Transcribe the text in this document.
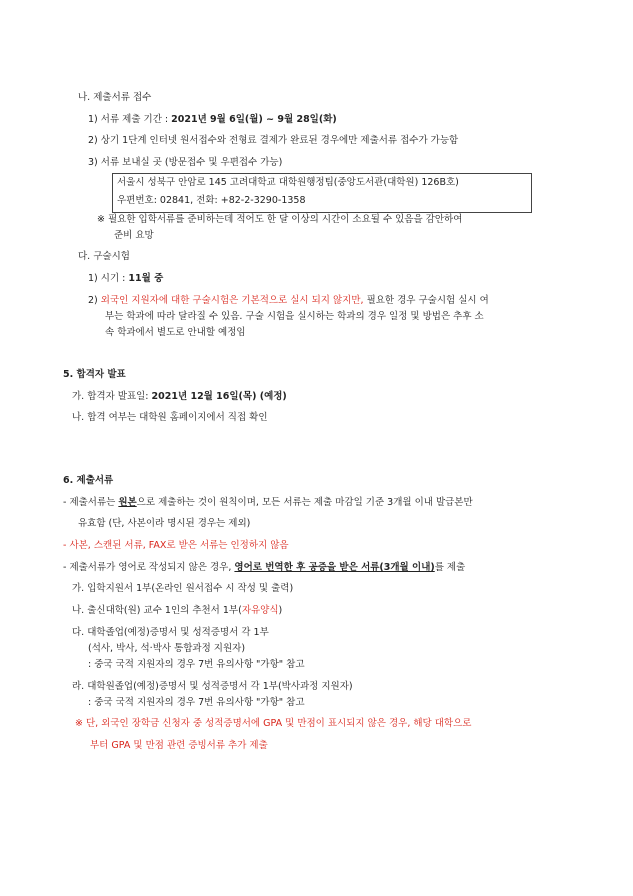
나. 제출서류 접수
1) 서류 제출 기간 : 2021년 9월 6일(월) ~ 9월 28일(화)
2) 상기 1단계 인터넷 원서접수와 전형료 결제가 완료된 경우에만 제출서류 접수가 가능함
3) 서류 보내실 곳 (방문접수 및 우편접수 가능)
서울시 성북구 안암로 145 고려대학교 대학원행정팀(중앙도서관(대학원) 126B호)
우편번호: 02841, 전화: +82-2-3290-1358
※ 필요한 입학서류를 준비하는데 적어도 한 달 이상의 시간이 소요될 수 있음을 감안하여
준비 요망
다. 구술시험
1) 시기 : 11월 중
2) 외국인 지원자에 대한 구술시험은 기본적으로 실시 되지 않지만, 필요한 경우 구술시험 실시 여
부는 학과에 따라 달라질 수 있음. 구술 시험을 실시하는 학과의 경우 일정 및 방법은 추후 소
속 학과에서 별도로 안내할 예정임
5. 합격자 발표
가. 합격자 발표일: 2021년 12월 16일(목) (예정)
나. 합격 여부는 대학원 홈페이지에서 직접 확인
6. 제출서류
- 제출서류는 원본으로 제출하는 것이 원칙이며, 모든 서류는 제출 마감일 기준 3개월 이내 발급본만
유효함 (단, 사본이라 명시된 경우는 제외)
- 사본, 스캔된 서류, FAX로 받은 서류는 인정하지 않음
- 제출서류가 영어로 작성되지 않은 경우, 영어로 번역한 후 공증을 받은 서류(3개월 이내)를 제출
가. 입학지원서 1부(온라인 원서접수 시 작성 및 출력)
나. 출신대학(원) 교수 1인의 추천서 1부(자유양식)
다. 대학졸업(예정)증명서 및 성적증명서 각 1부
(석사, 박사, 석·박사 통합과정 지원자)
: 중국 국적 지원자의 경우 7번 유의사항 "가항" 참고
라. 대학원졸업(예정)증명서 및 성적증명서 각 1부(박사과정 지원자)
: 중국 국적 지원자의 경우 7번 유의사항 "가항" 참고
※ 단, 외국인 장학금 신청자 중 성적증명서에 GPA 및 만점이 표시되지 않은 경우, 해당 대학으로
부터 GPA 및 만점 관련 증빙서류 추가 제출
